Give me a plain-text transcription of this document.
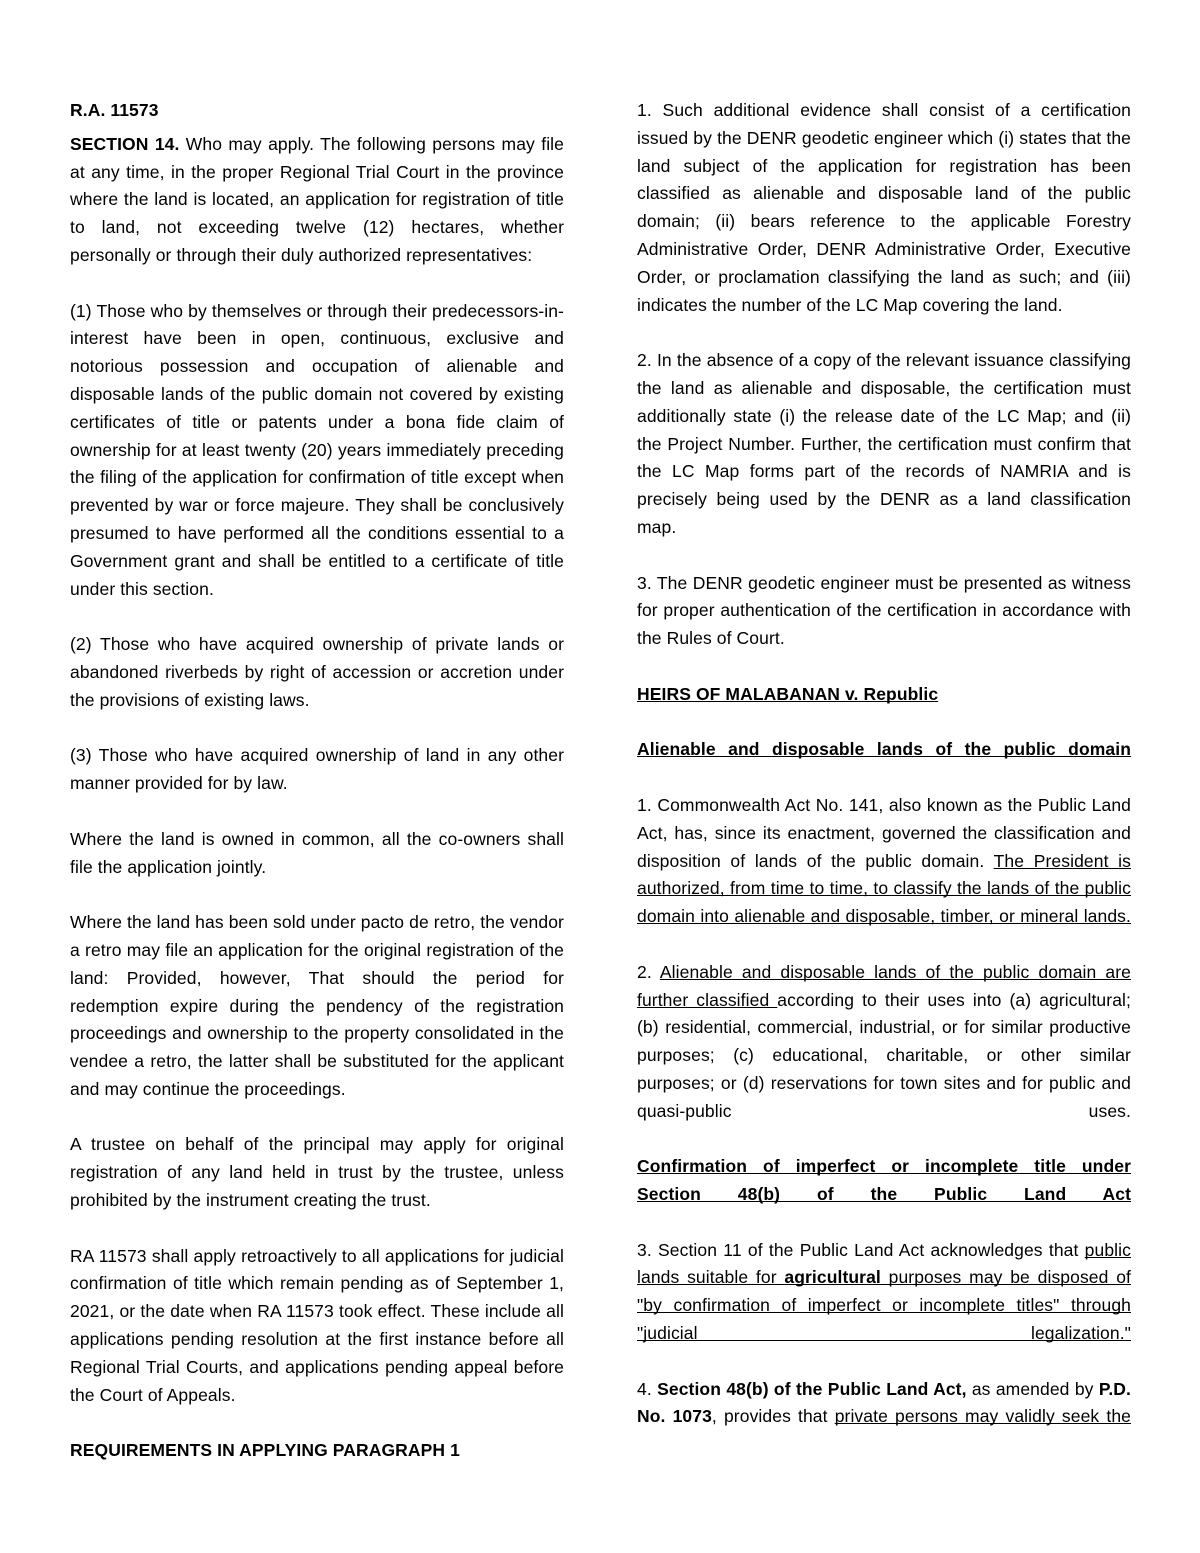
R.A. 11573

SECTION 14. Who may apply. The following persons may file at any time, in the proper Regional Trial Court in the province where the land is located, an application for registration of title to land, not exceeding twelve (12) hectares, whether personally or through their duly authorized representatives:

(1) Those who by themselves or through their predecessors-in-interest have been in open, continuous, exclusive and notorious possession and occupation of alienable and disposable lands of the public domain not covered by existing certificates of title or patents under a bona fide claim of ownership for at least twenty (20) years immediately preceding the filing of the application for confirmation of title except when prevented by war or force majeure. They shall be conclusively presumed to have performed all the conditions essential to a Government grant and shall be entitled to a certificate of title under this section.

(2) Those who have acquired ownership of private lands or abandoned riverbeds by right of accession or accretion under the provisions of existing laws.

(3) Those who have acquired ownership of land in any other manner provided for by law.

Where the land is owned in common, all the co-owners shall file the application jointly.

Where the land has been sold under pacto de retro, the vendor a retro may file an application for the original registration of the land: Provided, however, That should the period for redemption expire during the pendency of the registration proceedings and ownership to the property consolidated in the vendee a retro, the latter shall be substituted for the applicant and may continue the proceedings.

A trustee on behalf of the principal may apply for original registration of any land held in trust by the trustee, unless prohibited by the instrument creating the trust.

RA 11573 shall apply retroactively to all applications for judicial confirmation of title which remain pending as of September 1, 2021, or the date when RA 11573 took effect. These include all applications pending resolution at the first instance before all Regional Trial Courts, and applications pending appeal before the Court of Appeals.

REQUIREMENTS IN APPLYING PARAGRAPH 1

1. Such additional evidence shall consist of a certification issued by the DENR geodetic engineer which (i) states that the land subject of the application for registration has been classified as alienable and disposable land of the public domain; (ii) bears reference to the applicable Forestry Administrative Order, DENR Administrative Order, Executive Order, or proclamation classifying the land as such; and (iii) indicates the number of the LC Map covering the land.

2. In the absence of a copy of the relevant issuance classifying the land as alienable and disposable, the certification must additionally state (i) the release date of the LC Map; and (ii) the Project Number. Further, the certification must confirm that the LC Map forms part of the records of NAMRIA and is precisely being used by the DENR as a land classification map.

3. The DENR geodetic engineer must be presented as witness for proper authentication of the certification in accordance with the Rules of Court.

HEIRS OF MALABANAN v. Republic

Alienable and disposable lands of the public domain

1. Commonwealth Act No. 141, also known as the Public Land Act, has, since its enactment, governed the classification and disposition of lands of the public domain. The President is authorized, from time to time, to classify the lands of the public domain into alienable and disposable, timber, or mineral lands.

2. Alienable and disposable lands of the public domain are further classified according to their uses into (a) agricultural; (b) residential, commercial, industrial, or for similar productive purposes; (c) educational, charitable, or other similar purposes; or (d) reservations for town sites and for public and quasi-public uses.

Confirmation of imperfect or incomplete title under Section 48(b) of the Public Land Act

3. Section 11 of the Public Land Act acknowledges that public lands suitable for agricultural purposes may be disposed of "by confirmation of imperfect or incomplete titles" through "judicial legalization."

4. Section 48(b) of the Public Land Act, as amended by P.D. No. 1073, provides that private persons may validly seek the
